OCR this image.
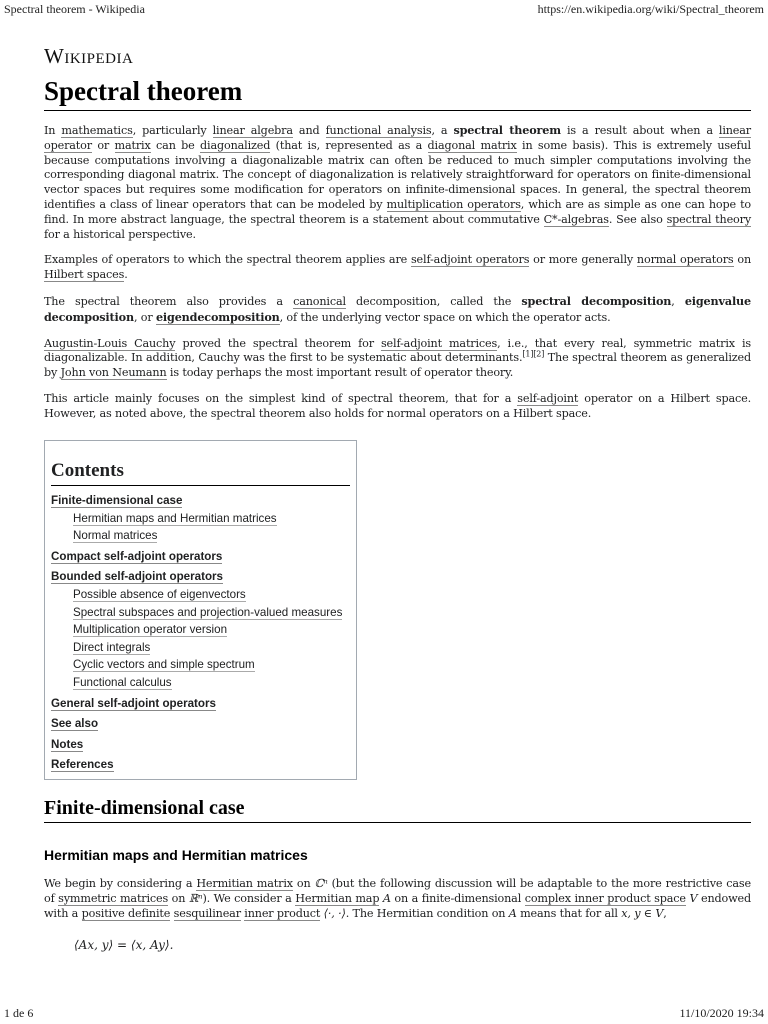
Spectral theorem - Wikipedia	https://en.wikipedia.org/wiki/Spectral_theorem
Wikipedia
Spectral theorem

In mathematics, particularly linear algebra and functional analysis, a spectral theorem is a result about when a linear operator or matrix can be diagonalized (that is, represented as a diagonal matrix in some basis). This is extremely useful because computations involving a diagonalizable matrix can often be reduced to much simpler computations involving the corresponding diagonal matrix. The concept of diagonalization is relatively straightforward for operators on finite-dimensional vector spaces but requires some modification for operators on infinite-dimensional spaces. In general, the spectral theorem identifies a class of linear operators that can be modeled by multiplication operators, which are as simple as one can hope to find. In more abstract language, the spectral theorem is a statement about commutative C*-algebras. See also spectral theory for a historical perspective.

Examples of operators to which the spectral theorem applies are self-adjoint operators or more generally normal operators on Hilbert spaces.

The spectral theorem also provides a canonical decomposition, called the spectral decomposition, eigenvalue decomposition, or eigendecomposition, of the underlying vector space on which the operator acts.

Augustin-Louis Cauchy proved the spectral theorem for self-adjoint matrices, i.e., that every real, symmetric matrix is diagonalizable. In addition, Cauchy was the first to be systematic about determinants.[1][2] The spectral theorem as generalized by John von Neumann is today perhaps the most important result of operator theory.

This article mainly focuses on the simplest kind of spectral theorem, that for a self-adjoint operator on a Hilbert space. However, as noted above, the spectral theorem also holds for normal operators on a Hilbert space.

Contents
Finite-dimensional case
Hermitian maps and Hermitian matrices
Normal matrices
Compact self-adjoint operators
Bounded self-adjoint operators
Possible absence of eigenvectors
Spectral subspaces and projection-valued measures
Multiplication operator version
Direct integrals
Cyclic vectors and simple spectrum
Functional calculus
General self-adjoint operators
See also
Notes
References
Finite-dimensional case
Hermitian maps and Hermitian matrices

We begin by considering a Hermitian matrix on ℂⁿ (but the following discussion will be adaptable to the more restrictive case of symmetric matrices on ℝⁿ). We consider a Hermitian map A on a finite-dimensional complex inner product space V endowed with a positive definite sesquilinear inner product ⟨·, ·⟩. The Hermitian condition on A means that for all x, y ∈ V,

⟨Ax, y⟩ = ⟨x, Ay⟩.
1 de 6	11/10/2020 19:34
